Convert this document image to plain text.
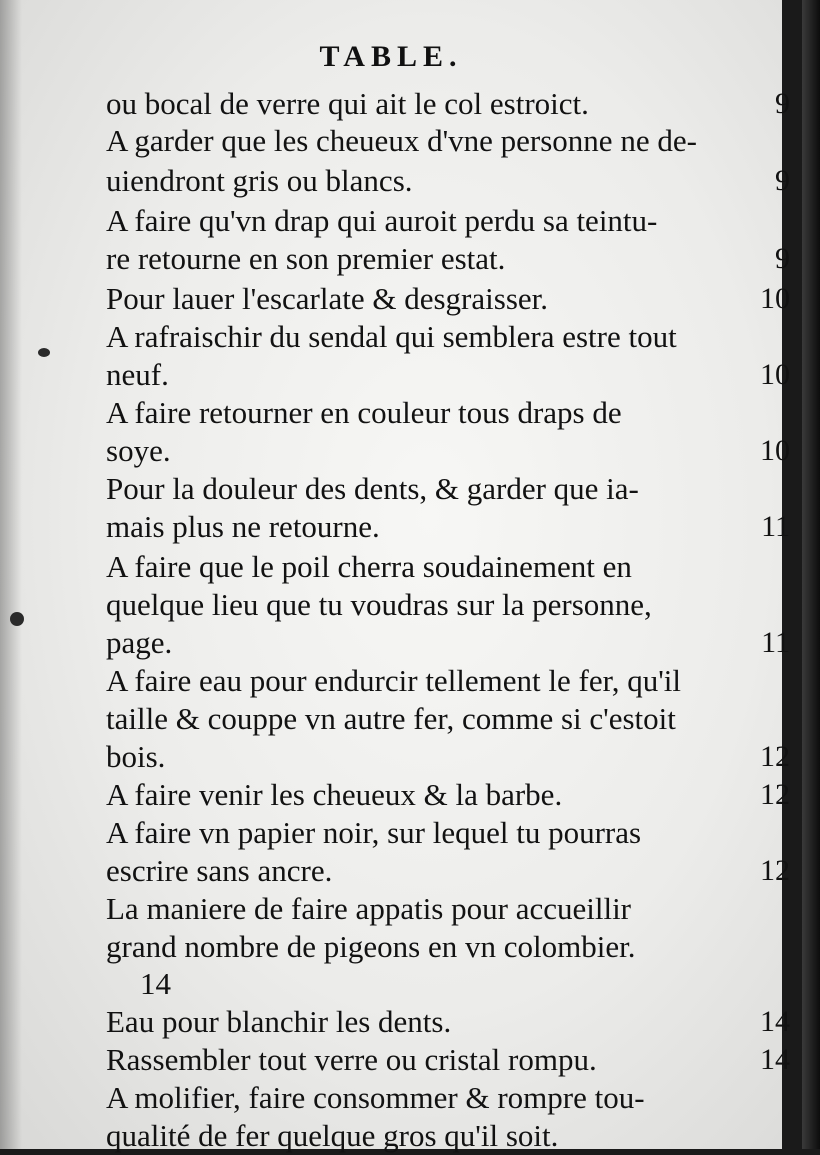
TABLE.
ou bocal de verre qui ait le col estroict.	9
A garder que les cheueux d'vne personne ne de-
uiendront gris ou blancs.	9
A faire qu'vn drap qui auroit perdu sa teintu-
re retourne en son premier estat.	9
Pour lauer l'escarlate & desgraisser.	10
A rafraischir du sendal qui semblera estre tout
neuf.	10
A faire retourner en couleur tous draps de
soye.	10
Pour la douleur des dents, & garder que ia-
mais plus ne retourne.	11
A faire que le poil cherra soudainement en
quelque lieu que tu voudras sur la personne,
page.	11
A faire eau pour endurcir tellement le fer, qu'il
taille & couppe vn autre fer, comme si c'estoit
bois.	12
A faire venir les cheueux & la barbe.	12
A faire vn papier noir, sur lequel tu pourras
escrire sans ancre.	12
La maniere de faire appatis pour accueillir
grand nombre de pigeons en vn colombier.
14
Eau pour blanchir les dents.	14
Rassembler tout verre ou cristal rompu.	14
A molifier, faire consommer & rompre tou-
qualité de fer quelque gros qu'il soit.
